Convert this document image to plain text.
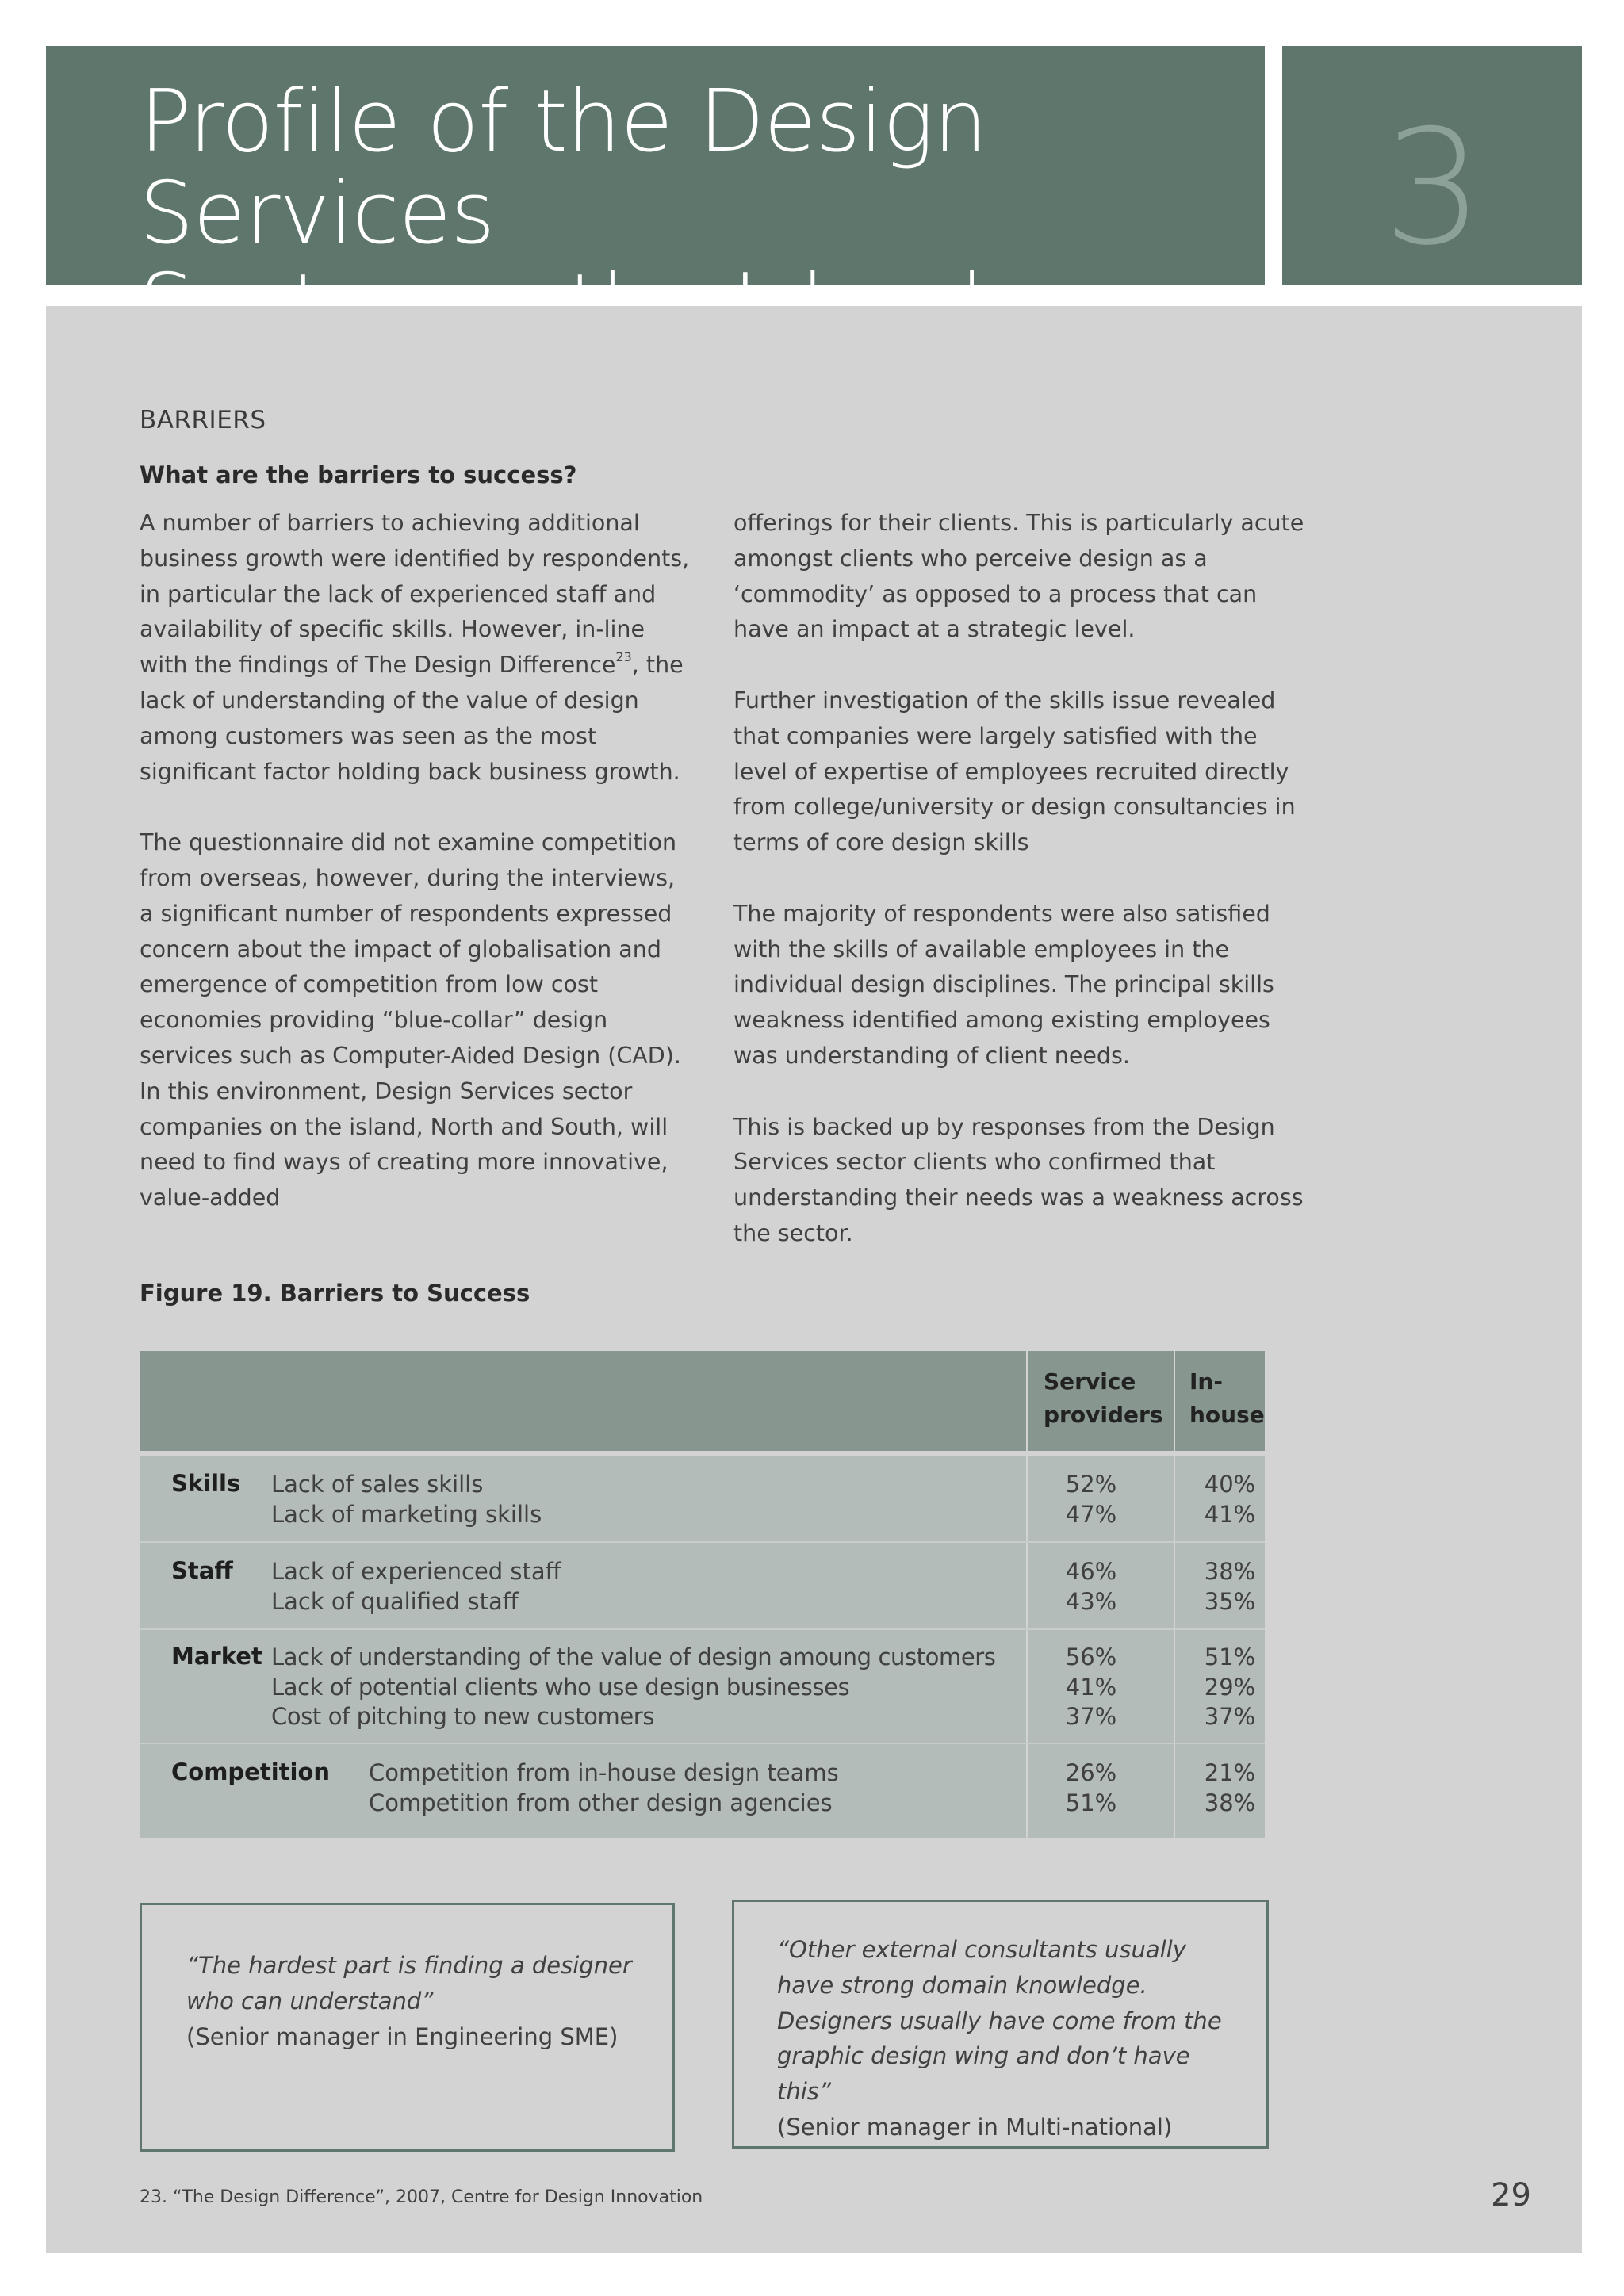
Profile of the Design Services	3
BARRIERS
What are the barriers to success?

A number of barriers to achieving additional business growth were identified by respondents, in particular the lack of experienced staff and availability of specific skills. However, in-line with the findings of The Design Difference$^{23}$, the lack of understanding of the value of design among customers was seen as the most significant factor holding back business growth.

The questionnaire did not examine competition from overseas, however, during the interviews, a significant number of respondents expressed concern about the impact of globalisation and emergence of competition from low cost economies providing “blue-collar” design services such as Computer-Aided Design (CAD). In this environment, Design Services sector companies on the island, North and South, will need to find ways of creating more innovative, value-added

offerings for their clients. This is particularly acute amongst clients who perceive design as a ‘commodity’ as opposed to a process that can have an impact at a strategic level.

Further investigation of the skills issue revealed that companies were largely satisfied with the level of expertise of employees recruited directly from college/university or design consultancies in terms of core design skills

The majority of respondents were also satisfied with the skills of available employees in the individual design disciplines. The principal skills weakness identified among existing employees was understanding of client needs.

This is backed up by responses from the Design Services sector clients who confirmed that understanding their needs was a weakness across the sector.

Figure 19. Barriers to Success
Service providers
In-house
Skills Lack of sales skills
Lack of marketing skills
52%
47%
40%
41%
Staff Lack of experienced staff
Lack of qualified staff
46%
43%
38%
35%
Market Lack of understanding of the value of design amoung customers
Lack of potential clients who use design businesses
Cost of pitching to new customers
56%
41%
37%
51%
29%
37%
Competition Competition from in-house design teams
Competition from other design agencies
26%
51%
21%
38%
“The hardest part is finding a designer who can understand”
(Senior manager in Engineering SME)
“Other external consultants usually have strong domain knowledge. Designers usually have come from the graphic design wing and don’t have this”
(Senior manager in Multi-national)
23. “The Design Difference”, 2007, Centre for Design Innovation	29
